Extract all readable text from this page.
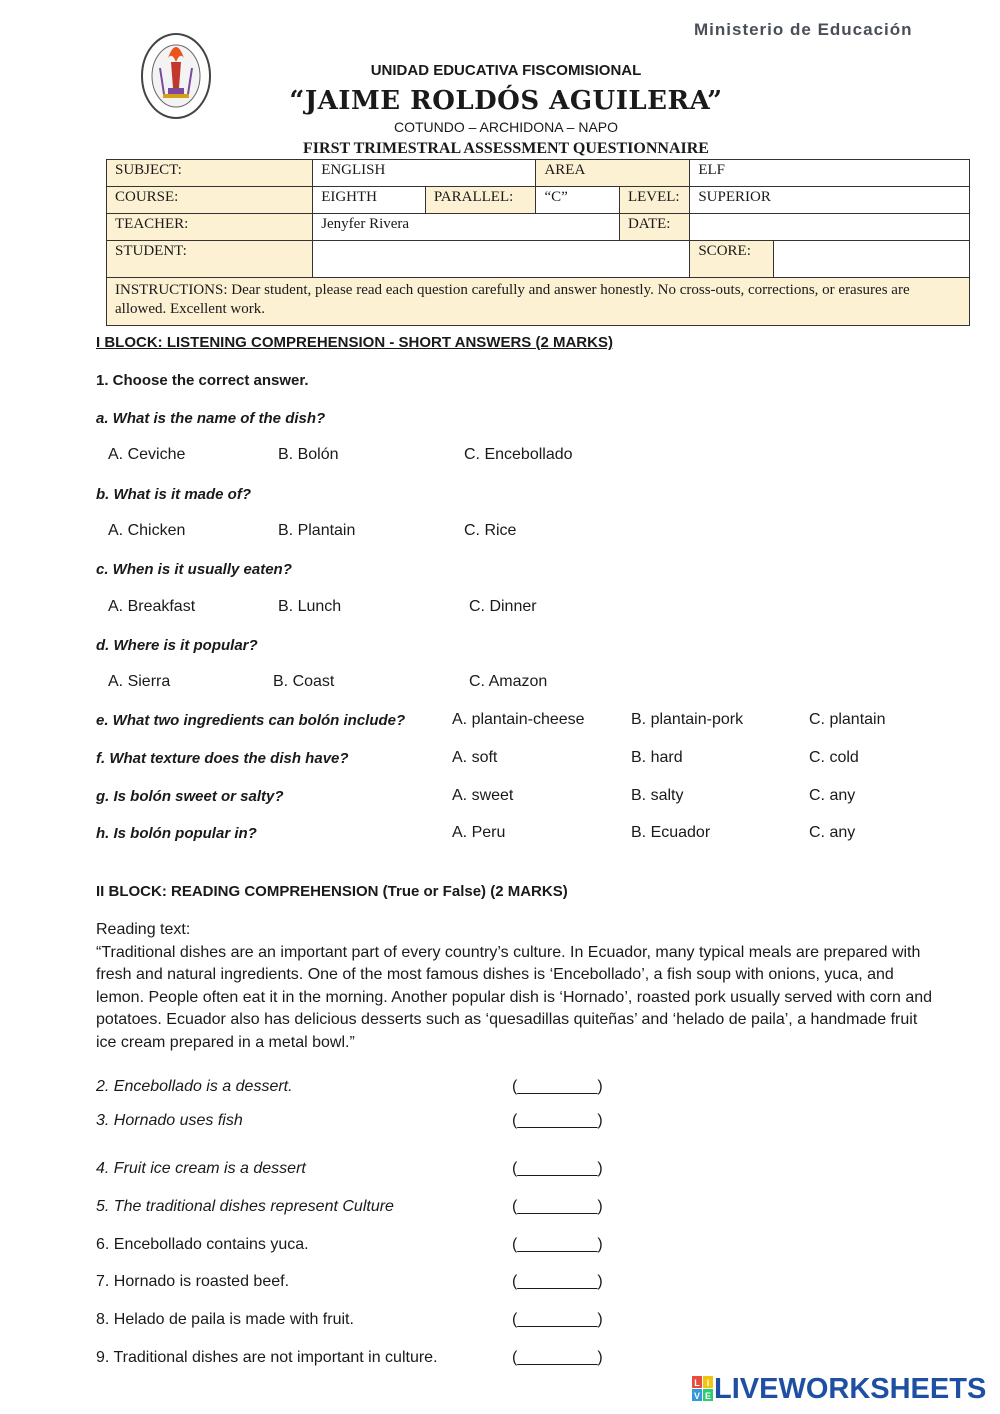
Ministerio de Educación
UNIDAD EDUCATIVA FISCOMISIONAL
“JAIME ROLDÓS AGUILERA”
COTUNDO – ARCHIDONA – NAPO
FIRST TRIMESTRAL ASSESSMENT QUESTIONNAIRE
SUBJECT:	ENGLISH		AREA		ELF	
COURSE:	EIGHTH	PARALLEL:	“C”	LEVEL:	SUPERIOR	
TEACHER:	Jenyfer Rivera			DATE:		
STUDENT:					SCORE:	
INSTRUCTIONS: Dear student, please read each question carefully and answer honestly. No cross-outs, corrections, or erasures are allowed. Excellent work.						
I BLOCK: LISTENING COMPREHENSION - SHORT ANSWERS (2 MARKS)
1. Choose the correct answer.
a. What is the name of the dish?
A. Ceviche	B. Bolón	C. Encebollado
b. What is it made of?
A. Chicken	B. Plantain	C. Rice
c. When is it usually eaten?
A. Breakfast	B. Lunch	C. Dinner
d. Where is it popular?
A. Sierra	B. Coast	C. Amazon
e. What two ingredients can bolón include?	A. plantain-cheese	B. plantain-pork	C. plantain
f. What texture does the dish have?	A. soft	B. hard	C. cold
g. Is bolón sweet or salty?	A. sweet	B. salty	C. any
h. Is bolón popular in?	A. Peru	B. Ecuador	C. any
II BLOCK: READING COMPREHENSION (True or False) (2 MARKS)
Reading text:
“Traditional dishes are an important part of every country’s culture. In Ecuador, many typical meals are prepared with fresh and natural ingredients. One of the most famous dishes is ‘Encebollado’, a fish soup with onions, yuca, and lemon. People often eat it in the morning. Another popular dish is ‘Hornado’, roasted pork usually served with corn and potatoes. Ecuador also has delicious desserts such as ‘quesadillas quiteñas’ and ‘helado de paila’, a handmade fruit ice cream prepared in a metal bowl.”
2. Encebollado is a dessert.	(_________)
3. Hornado uses fish	(_________)
4. Fruit ice cream is a dessert	(_________)
5. The traditional dishes represent Culture	(_________)
6. Encebollado contains yuca.	(_________)
7. Hornado is roasted beef.	(_________)
8. Helado de paila is made with fruit.	(_________)
9. Traditional dishes are not important in culture.	(_________)
L I
V E LIVEWORKSHEETS
